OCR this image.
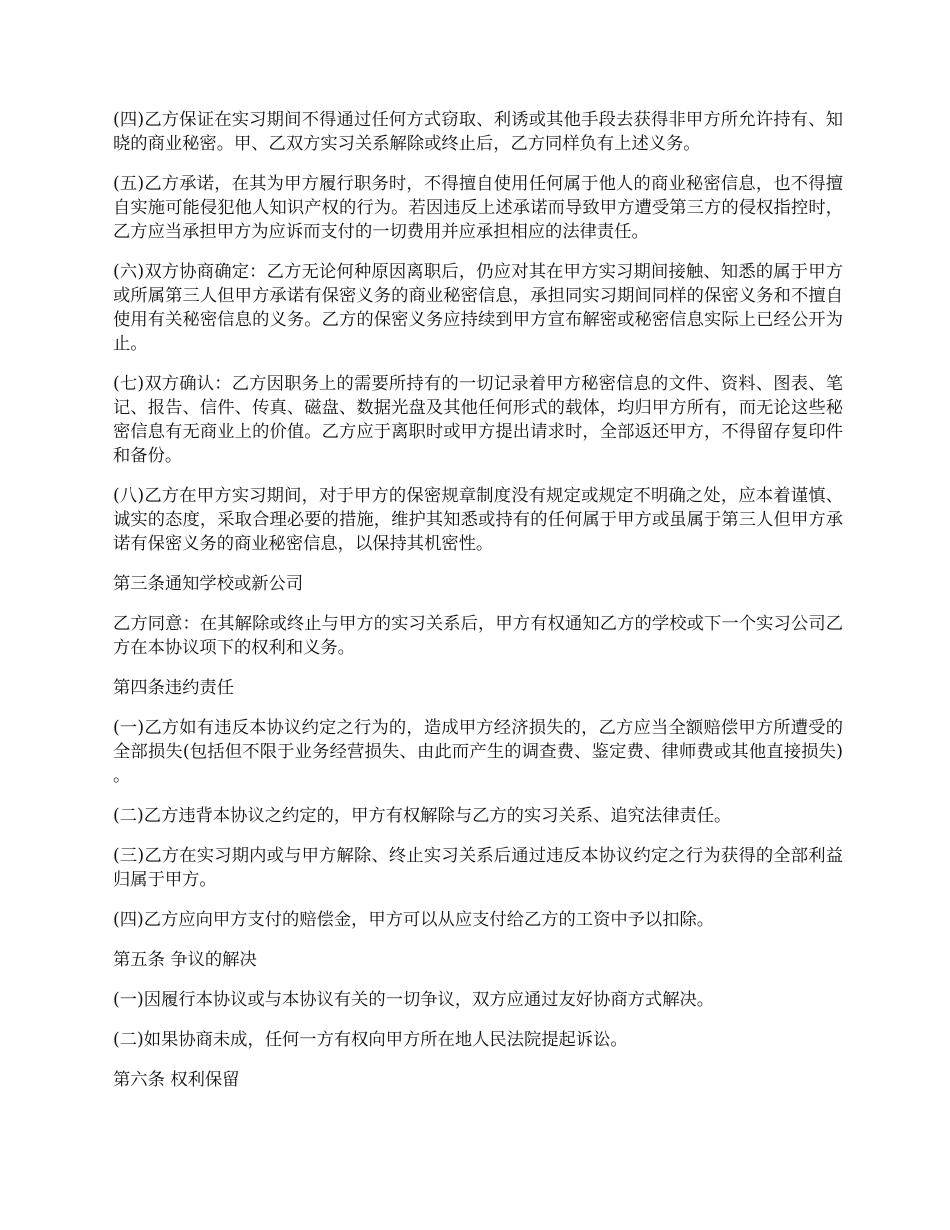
(四)乙方保证在实习期间不得通过任何方式窃取、利诱或其他手段去获得非甲方所允许持有、知晓的商业秘密。甲、乙双方实习关系解除或终止后，乙方同样负有上述义务。

(五)乙方承诺，在其为甲方履行职务时，不得擅自使用任何属于他人的商业秘密信息，也不得擅自实施可能侵犯他人知识产权的行为。若因违反上述承诺而导致甲方遭受第三方的侵权指控时，乙方应当承担甲方为应诉而支付的一切费用并应承担相应的法律责任。

(六)双方协商确定：乙方无论何种原因离职后，仍应对其在甲方实习期间接触、知悉的属于甲方或所属第三人但甲方承诺有保密义务的商业秘密信息，承担同实习期间同样的保密义务和不擅自使用有关秘密信息的义务。乙方的保密义务应持续到甲方宣布解密或秘密信息实际上已经公开为止。

(七)双方确认：乙方因职务上的需要所持有的一切记录着甲方秘密信息的文件、资料、图表、笔记、报告、信件、传真、磁盘、数据光盘及其他任何形式的载体，均归甲方所有，而无论这些秘密信息有无商业上的价值。乙方应于离职时或甲方提出请求时，全部返还甲方，不得留存复印件和备份。

(八)乙方在甲方实习期间，对于甲方的保密规章制度没有规定或规定不明确之处，应本着谨慎、诚实的态度，采取合理必要的措施，维护其知悉或持有的任何属于甲方或虽属于第三人但甲方承诺有保密义务的商业秘密信息，以保持其机密性。

第三条通知学校或新公司

乙方同意：在其解除或终止与甲方的实习关系后，甲方有权通知乙方的学校或下一个实习公司乙方在本协议项下的权利和义务。

第四条违约责任

(一)乙方如有违反本协议约定之行为的，造成甲方经济损失的，乙方应当全额赔偿甲方所遭受的全部损失(包括但不限于业务经营损失、由此而产生的调查费、鉴定费、律师费或其他直接损失)。

(二)乙方违背本协议之约定的，甲方有权解除与乙方的实习关系、追究法律责任。

(三)乙方在实习期内或与甲方解除、终止实习关系后通过违反本协议约定之行为获得的全部利益归属于甲方。

(四)乙方应向甲方支付的赔偿金，甲方可以从应支付给乙方的工资中予以扣除。

第五条 争议的解决

(一)因履行本协议或与本协议有关的一切争议，双方应通过友好协商方式解决。

(二)如果协商未成，任何一方有权向甲方所在地人民法院提起诉讼。

第六条 权利保留
